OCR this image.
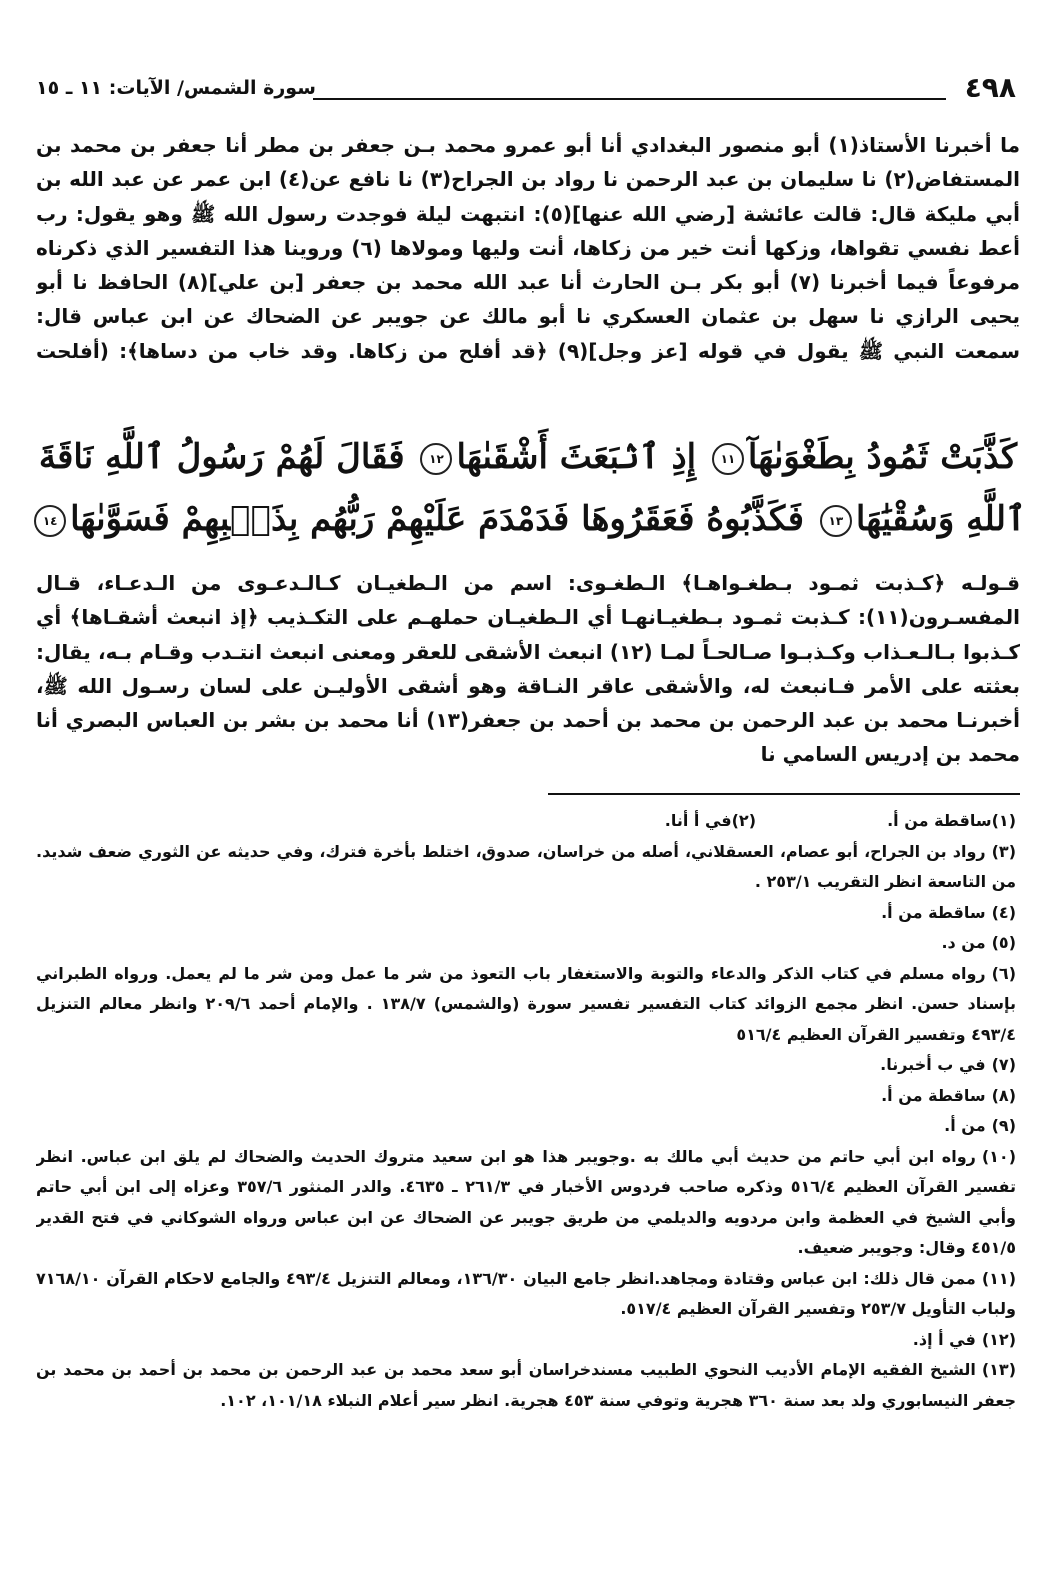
٤٩٨
سورة الشمس/ الآيات: ١١ ـ ١٥
ما أخبرنا الأستاذ(١) أبو منصور البغدادي أنا أبو عمرو محمد بـن جعفر بن مطر أنا جعفر بن محمد بن المستفاض(٢) نا سليمان بن عبد الرحمن نا رواد بن الجراح(٣) نا نافع عن(٤) ابن عمر عن عبد الله بن أبي مليكة قال: قالت عائشة [رضي الله عنها](٥): انتبهت ليلة فوجدت رسول الله ﷺ وهو يقول: رب أعط نفسي تقواها، وزكها أنت خير من زكاها، أنت وليها ومولاها (٦) وروينا هذا التفسير الذي ذكرناه مرفوعاً فيما أخبرنا (٧) أبو بكر بـن الحارث أنا عبد الله محمد بن جعفر [بن علي](٨) الحافظ نا أبو يحيى الرازي نا سهل بن عثمان العسكري نا أبو مالك عن جويبر عن الضحاك عن ابن عباس قال: سمعت النبي ﷺ يقول في قوله [عز وجل](٩) ﴿قد أفلح من زكاها. وقد خاب من دساها﴾: (أفلحت
كَذَّبَتْ ثَمُودُ بِطَغْوَىٰهَآ١١ إِذِ ٱنۢبَعَثَ أَشْقَىٰهَا١٢ فَقَالَ لَهُمْ رَسُولُ ٱللَّهِ نَاقَةَ ٱللَّهِ وَسُقْيَٰهَا١٣ فَكَذَّبُوهُ فَعَقَرُوهَا فَدَمْدَمَ عَلَيْهِمْ رَبُّهُم بِذَنۢبِهِمْ فَسَوَّىٰهَا١٤
قـولـه ﴿كـذبت ثمـود بـطغـواهـا﴾ الـطغـوى: اسم من الـطغيـان كـالـدعـوى من الـدعـاء، قـال المفسـرون(١١): كـذبت ثمـود بـطغيـانهـا أي الـطغيـان حملهـم على التكـذيب ﴿إذ انبعث أشقـاها﴾ أي كـذبوا بـالـعـذاب وكـذبـوا صـالحـاً لمـا (١٢) انبعث الأشقى للعقر ومعنى انبعث انتـدب وقـام بـه، يقال: بعثته على الأمر فـانبعث له، والأشقى عاقر النـاقة وهو أشقى الأوليـن على لسان رسـول الله ﷺ، أخبرنـا محمد بن عبد الرحمن بن محمد بن أحمد بن جعفر(١٣) أنا محمد بن بشر بن العباس البصري أنا محمد بن إدريس السامي نا
(١)ساقطة من أ.
(٢)في أ أنا.
(٣)رواد بن الجراح، أبو عصام، العسقلاني، أصله من خراسان، صدوق، اختلط بأخرة فترك، وفي حديثه عن الثوري ضعف شديد. من التاسعة انظر التقريب ٢٥٣/١ .
(٤)ساقطة من أ.
(٥)من د.
(٦)رواه مسلم في كتاب الذكر والدعاء والتوبة والاستغفار باب التعوذ من شر ما عمل ومن شر ما لم يعمل. ورواه الطبراني بإسناد حسن. انظر مجمع الزوائد كتاب التفسير تفسير سورة (والشمس) ١٣٨/٧ . والإمام أحمد ٢٠٩/٦ وانظر معالم التنزيل ٤٩٣/٤ وتفسير القرآن العظيم ٥١٦/٤
(٧)في ب أخبرنا.
(٨)ساقطة من أ.
(٩)من أ.
(١٠)رواه ابن أبي حاتم من حديث أبي مالك به .وجويبر هذا هو ابن سعيد متروك الحديث والضحاك لم يلق ابن عباس. انظر تفسير القرآن العظيم ٥١٦/٤ وذكره صاحب فردوس الأخبار في ٢٦١/٣ ـ ٤٦٣٥. والدر المنثور ٣٥٧/٦ وعزاه إلى ابن أبي حاتم وأبي الشيخ في العظمة وابن مردويه والديلمي من طريق جويبر عن الضحاك عن ابن عباس ورواه الشوكاني في فتح القدير ٤٥١/٥ وقال: وجويبر ضعيف.
(١١)ممن قال ذلك: ابن عباس وقتادة ومجاهد.انظر جامع البيان ١٣٦/٣٠، ومعالم التنزيل ٤٩٣/٤ والجامع لاحكام القرآن ٧١٦٨/١٠ ولباب التأويل ٢٥٣/٧ وتفسير القرآن العظيم ٥١٧/٤.
(١٢)في أ إذ.
(١٣)الشيخ الفقيه الإمام الأديب النحوي الطبيب مسندخراسان أبو سعد محمد بن عبد الرحمن بن محمد بن أحمد بن محمد بن جعفر النيسابوري ولد بعد سنة ٣٦٠ هجرية وتوفي سنة ٤٥٣ هجرية. انظر سير أعلام النبلاء ١٠١/١٨، ١٠٢.
